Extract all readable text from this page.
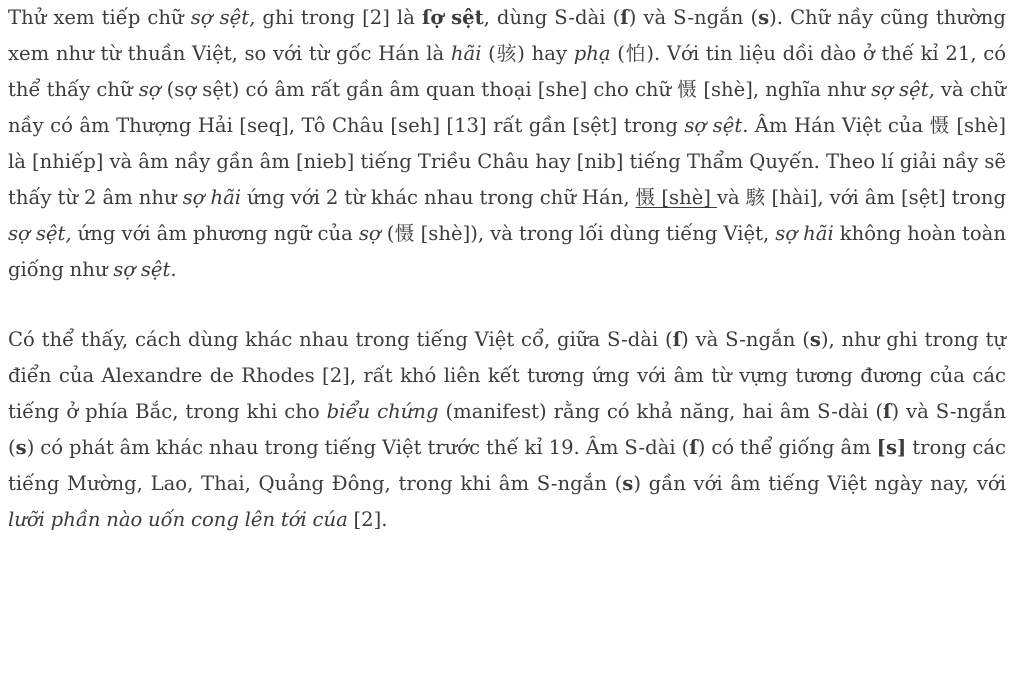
Thử xem tiếp chữ sợ sệt, ghi trong [2] là ſợ sệt, dùng S-dài (ſ) và S-ngắn (s). Chữ nầy cũng thường xem như từ thuần Việt, so với từ gốc Hán là hãi (骇) hay phạ (怕). Với tin liệu dồi dào ở thế kỉ 21, có thể thấy chữ sợ (sợ sệt) có âm rất gần âm quan thoại [she] cho chữ 慑 [shè], nghĩa như sợ sệt, và chữ nầy có âm Thượng Hải [seq], Tô Châu [seh] [13] rất gần [sệt] trong sợ sệt. Âm Hán Việt của 慑 [shè] là [nhiếp] và âm nầy gần âm [nieb] tiếng Triều Châu hay [nib] tiếng Thẩm Quyến. Theo lí giải nầy sẽ thấy từ 2 âm như sợ hãi ứng với 2 từ khác nhau trong chữ Hán, 慑 [shè] và 駭 [hài], với âm [sệt] trong sợ sệt, ứng với âm phương ngữ của sợ (慑 [shè]), và trong lối dùng tiếng Việt, sợ hãi không hoàn toàn giống như sợ sệt.

Có thể thấy, cách dùng khác nhau trong tiếng Việt cổ, giữa S-dài (ſ) và S-ngắn (s), như ghi trong tự điển của Alexandre de Rhodes [2], rất khó liên kết tương ứng với âm từ vựng tương đương của các tiếng ở phía Bắc, trong khi cho biểu chứng (manifest) rằng có khả năng, hai âm S-dài (ſ) và S-ngắn (s) có phát âm khác nhau trong tiếng Việt trước thế kỉ 19. Âm S-dài (ſ) có thể giống âm [s] trong các tiếng Mường, Lao, Thai, Quảng Đông, trong khi âm S-ngắn (s) gần với âm tiếng Việt ngày nay, với lưỡi phần nào uốn cong lên tới cúa [2].
